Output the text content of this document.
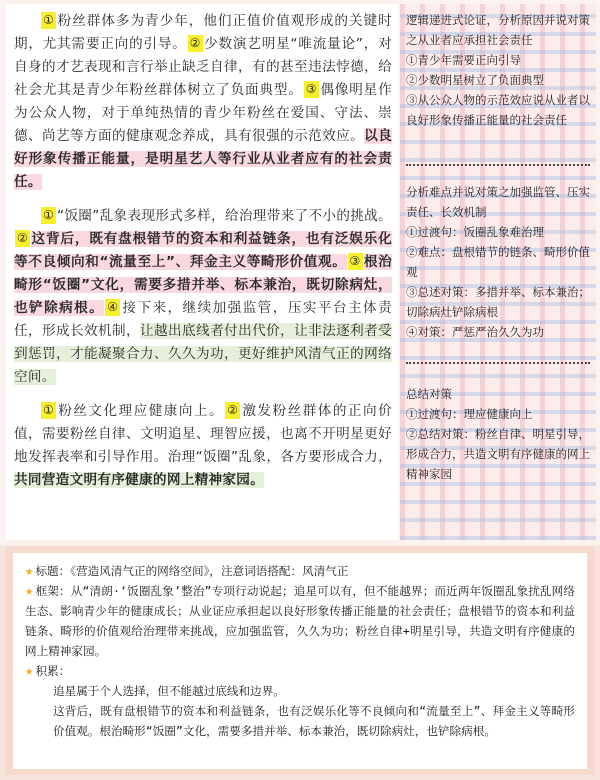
① 粉丝群体多为青少年，他们正值价值观形成的关键时期，尤其需要正向的引导。 ② 少数演艺明星“唯流量论”，对自身的才艺表现和言行举止缺乏自律，有的甚至违法悖德，给社会尤其是青少年粉丝群体树立了负面典型。 ③ 偶像明星作为公众人物，对于单纯热情的青少年粉丝在爱国、守法、崇德、尚艺等方面的健康观念养成，具有很强的示范效应。以良好形象传播正能量，是明星艺人等行业从业者应有的社会责任。

① “饭圈”乱象表现形式多样，给治理带来了不小的挑战。② 这背后，既有盘根错节的资本和利益链条，也有泛娱乐化等不良倾向和“流量至上”、拜金主义等畸形价值观。 ③ 根治畸形“饭圈”文化，需要多措并举、标本兼治，既切除病灶，也铲除病根。 ④ 接下来，继续加强监管，压实平台主体责任，形成长效机制，让越出底线者付出代价，让非法逐利者受到惩罚，才能凝聚合力、久久为功，更好维护风清气正的网络空间。

① 粉丝文化理应健康向上。 ② 激发粉丝群体的正向价值，需要粉丝自律、文明追星、理智应援，也离不开明星更好地发挥表率和引导作用。治理“饭圈”乱象，各方要形成合力，共同营造文明有序健康的网上精神家园。

逻辑递进式论证，分析原因并说对策之从业者应承担社会责任
①青少年需要正向引导
②少数明星树立了负面典型
③从公众人物的示范效应说从业者以良好形象传播正能量的社会责任
分析难点并说对策之加强监管、压实责任、长效机制
①过渡句：饭圈乱象难治理
②难点：盘根错节的链条、畸形价值观
③总述对策：多措并举、标本兼治；切除病灶铲除病根
④对策：严惩严治久久为功
总结对策
①过渡句：理应健康向上
②总结对策：粉丝自律、明星引导，形成合力，共造文明有序健康的网上精神家园
★ 标题：《营造风清气正的网络空间》，注意词语搭配：风清气正
★ 框架：从“清朗·‘饭圈乱象’整治”专项行动说起；追星可以有，但不能越界；而近两年饭圈乱象扰乱网络生态、影响青少年的健康成长；从业证应承担起以良好形象传播正能量的社会责任；盘根错节的资本和利益链条、畸形的价值观给治理带来挑战，应加强监管，久久为功；粉丝自律+明星引导，共造文明有序健康的网上精神家园。
★ 积累：
追星属于个人选择，但不能越过底线和边界。
这背后，既有盘根错节的资本和利益链条，也有泛娱乐化等不良倾向和“流量至上”、拜金主义等畸形价值观。根治畸形“饭圈”文化，需要多措并举、标本兼治，既切除病灶，也铲除病根。
